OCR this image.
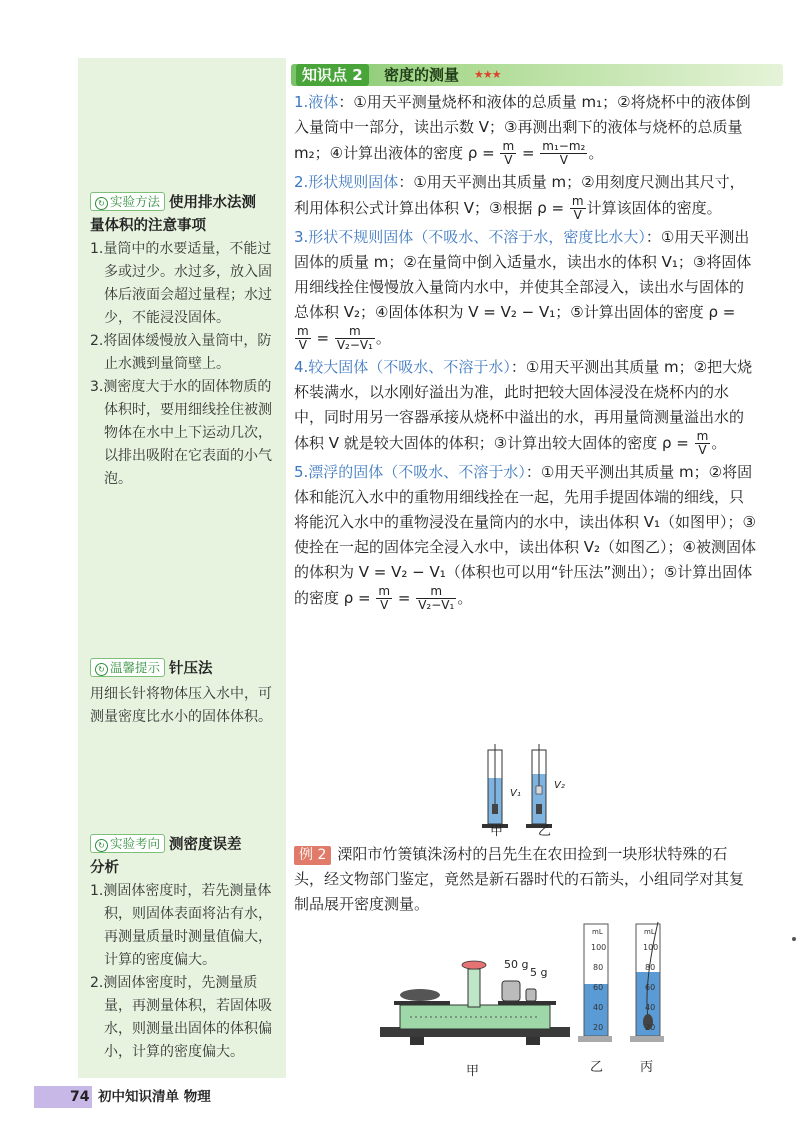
↻ 实验方法 使用排水法测
量体积的注意事项

1.量筒中的水要适量，不能过多或过少。水过多，放入固体后液面会超过量程；水过少，不能浸没固体。

2.将固体缓慢放入量筒中，防止水溅到量筒壁上。

3.测密度大于水的固体物质的体积时，要用细线拴住被测物体在水中上下运动几次，以排出吸附在它表面的小气泡。

↻ 温馨提示 针压法

用细长针将物体压入水中，可测量密度比水小的固体体积。

↻ 实验考向 测密度误差
分析

1.测固体密度时，若先测量体积，则固体表面将沾有水，再测量质量时测量值偏大，计算的密度偏大。

2.测固体密度时，先测量质量，再测量体积，若固体吸水，则测量出固体的体积偏小，计算的密度偏大。

知识点 2	密度的测量 ★★★

1.液体：①用天平测量烧杯和液体的总质量 m₁；②将烧杯中的液体倒入量筒中一部分，读出示数 V；③再测出剩下的液体与烧杯的总质量 m₂；④计算出液体的密度 $\rho = \frac{m}{V} = \frac{\text{m₁−m₂}}{V}$ 。

2.形状规则固体：①用天平测出其质量 m；②用刻度尺测出其尺寸，利用体积公式计算出体积 V；③根据 $\rho = \frac{m}{V}$ 计算该固体的密度。

3.形状不规则固体（不吸水、不溶于水，密度比水大）：①用天平测出固体的质量 m；②在量筒中倒入适量水，读出水的体积 V₁；③将固体用细线拴住慢慢放入量筒内水中，并使其全部浸入，读出水与固体的总体积 V₂；④固体体积为 V = V₂ − V₁；⑤计算出固体的密度 ρ =
$\frac{m}{V} = \frac{m}{\text{V₂−V₁}}$ 。

4.较大固体（不吸水、不溶于水）：①用天平测出其质量 m；②把大烧杯装满水，以水刚好溢出为准，此时把较大固体浸没在烧杯内的水中，同时用另一容器承接从烧杯中溢出的水，再用量筒测量溢出水的体积 V 就是较大固体的体积；③计算出较大固体的密度 $\rho = \frac{m}{V}$ 。

5.漂浮的固体（不吸水、不溶于水）：①用天平测出其质量 m；②将固体和能沉入水中的重物用细线拴在一起，先用手提固体端的细线，只将能沉入水中的重物浸没在量筒内的水中，读出体积 V₁（如图甲）；③使拴在一起的固体完全浸入水中，读出体积 V₂（如图乙）；④被测固体的体积为 V = V₂ − V₁（体积也可以用“针压法”测出）；⑤计算出固体的密度 $\rho = \frac{m}{V} = \frac{m}{\text{V₂−V₁}}$ 。

V₁
V₂
甲	乙

例 2 溧阳市竹箦镇洙汤村的吕先生在农田捡到一块形状特殊的石头，经文物部门鉴定，竟然是新石器时代的石箭头，小组同学对其复制品展开密度测量。

50 g
5 g
甲
mL
100
80
60
40
20
mL
100
80
60
40
20
乙	丙
74 初中知识清单 物理
